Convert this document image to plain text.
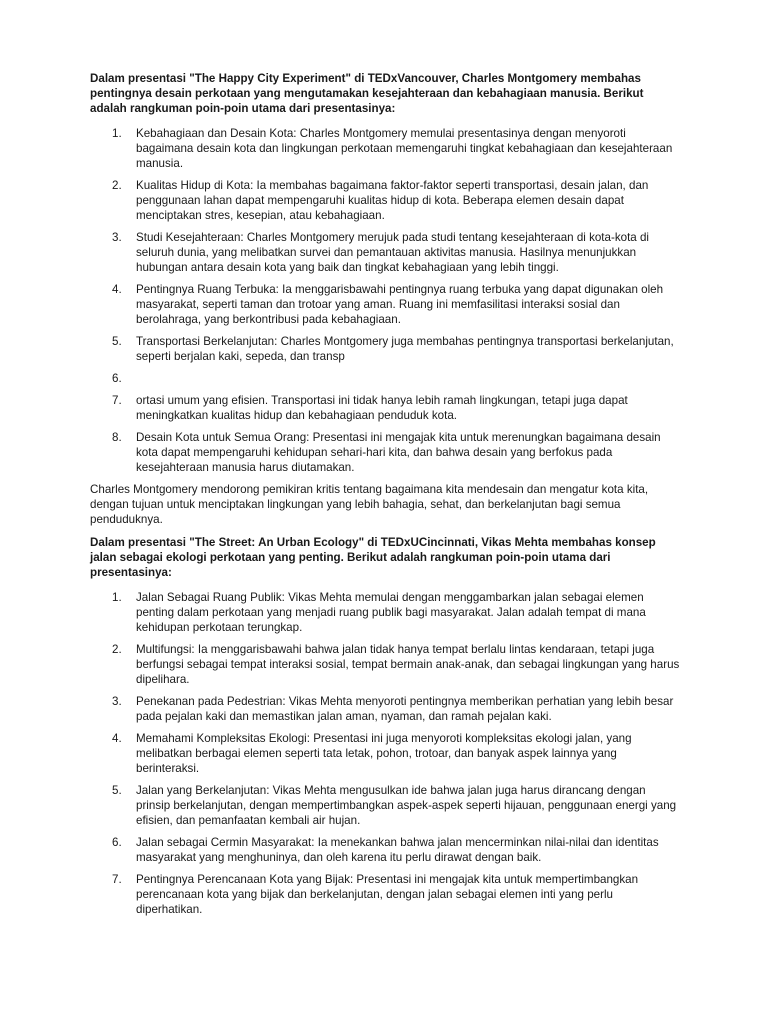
Dalam presentasi "The Happy City Experiment" di TEDxVancouver, Charles Montgomery membahas pentingnya desain perkotaan yang mengutamakan kesejahteraan dan kebahagiaan manusia. Berikut adalah rangkuman poin-poin utama dari presentasinya:

1. Kebahagiaan dan Desain Kota: Charles Montgomery memulai presentasinya dengan menyoroti bagaimana desain kota dan lingkungan perkotaan memengaruhi tingkat kebahagiaan dan kesejahteraan manusia.
2. Kualitas Hidup di Kota: Ia membahas bagaimana faktor-faktor seperti transportasi, desain jalan, dan penggunaan lahan dapat mempengaruhi kualitas hidup di kota. Beberapa elemen desain dapat menciptakan stres, kesepian, atau kebahagiaan.
3. Studi Kesejahteraan: Charles Montgomery merujuk pada studi tentang kesejahteraan di kota-kota di seluruh dunia, yang melibatkan survei dan pemantauan aktivitas manusia. Hasilnya menunjukkan hubungan antara desain kota yang baik dan tingkat kebahagiaan yang lebih tinggi.
4. Pentingnya Ruang Terbuka: Ia menggarisbawahi pentingnya ruang terbuka yang dapat digunakan oleh masyarakat, seperti taman dan trotoar yang aman. Ruang ini memfasilitasi interaksi sosial dan berolahraga, yang berkontribusi pada kebahagiaan.
5. Transportasi Berkelanjutan: Charles Montgomery juga membahas pentingnya transportasi berkelanjutan, seperti berjalan kaki, sepeda, dan transp
6.
7. ortasi umum yang efisien. Transportasi ini tidak hanya lebih ramah lingkungan, tetapi juga dapat meningkatkan kualitas hidup dan kebahagiaan penduduk kota.
8. Desain Kota untuk Semua Orang: Presentasi ini mengajak kita untuk merenungkan bagaimana desain kota dapat mempengaruhi kehidupan sehari-hari kita, dan bahwa desain yang berfokus pada kesejahteraan manusia harus diutamakan.

Charles Montgomery mendorong pemikiran kritis tentang bagaimana kita mendesain dan mengatur kota kita, dengan tujuan untuk menciptakan lingkungan yang lebih bahagia, sehat, dan berkelanjutan bagi semua penduduknya.

Dalam presentasi "The Street: An Urban Ecology" di TEDxUCincinnati, Vikas Mehta membahas konsep jalan sebagai ekologi perkotaan yang penting. Berikut adalah rangkuman poin-poin utama dari presentasinya:

1. Jalan Sebagai Ruang Publik: Vikas Mehta memulai dengan menggambarkan jalan sebagai elemen penting dalam perkotaan yang menjadi ruang publik bagi masyarakat. Jalan adalah tempat di mana kehidupan perkotaan terungkap.
2. Multifungsi: Ia menggarisbawahi bahwa jalan tidak hanya tempat berlalu lintas kendaraan, tetapi juga berfungsi sebagai tempat interaksi sosial, tempat bermain anak-anak, dan sebagai lingkungan yang harus dipelihara.
3. Penekanan pada Pedestrian: Vikas Mehta menyoroti pentingnya memberikan perhatian yang lebih besar pada pejalan kaki dan memastikan jalan aman, nyaman, dan ramah pejalan kaki.
4. Memahami Kompleksitas Ekologi: Presentasi ini juga menyoroti kompleksitas ekologi jalan, yang melibatkan berbagai elemen seperti tata letak, pohon, trotoar, dan banyak aspek lainnya yang berinteraksi.
5. Jalan yang Berkelanjutan: Vikas Mehta mengusulkan ide bahwa jalan juga harus dirancang dengan prinsip berkelanjutan, dengan mempertimbangkan aspek-aspek seperti hijauan, penggunaan energi yang efisien, dan pemanfaatan kembali air hujan.
6. Jalan sebagai Cermin Masyarakat: Ia menekankan bahwa jalan mencerminkan nilai-nilai dan identitas masyarakat yang menghuninya, dan oleh karena itu perlu dirawat dengan baik.
7. Pentingnya Perencanaan Kota yang Bijak: Presentasi ini mengajak kita untuk mempertimbangkan perencanaan kota yang bijak dan berkelanjutan, dengan jalan sebagai elemen inti yang perlu diperhatikan.
